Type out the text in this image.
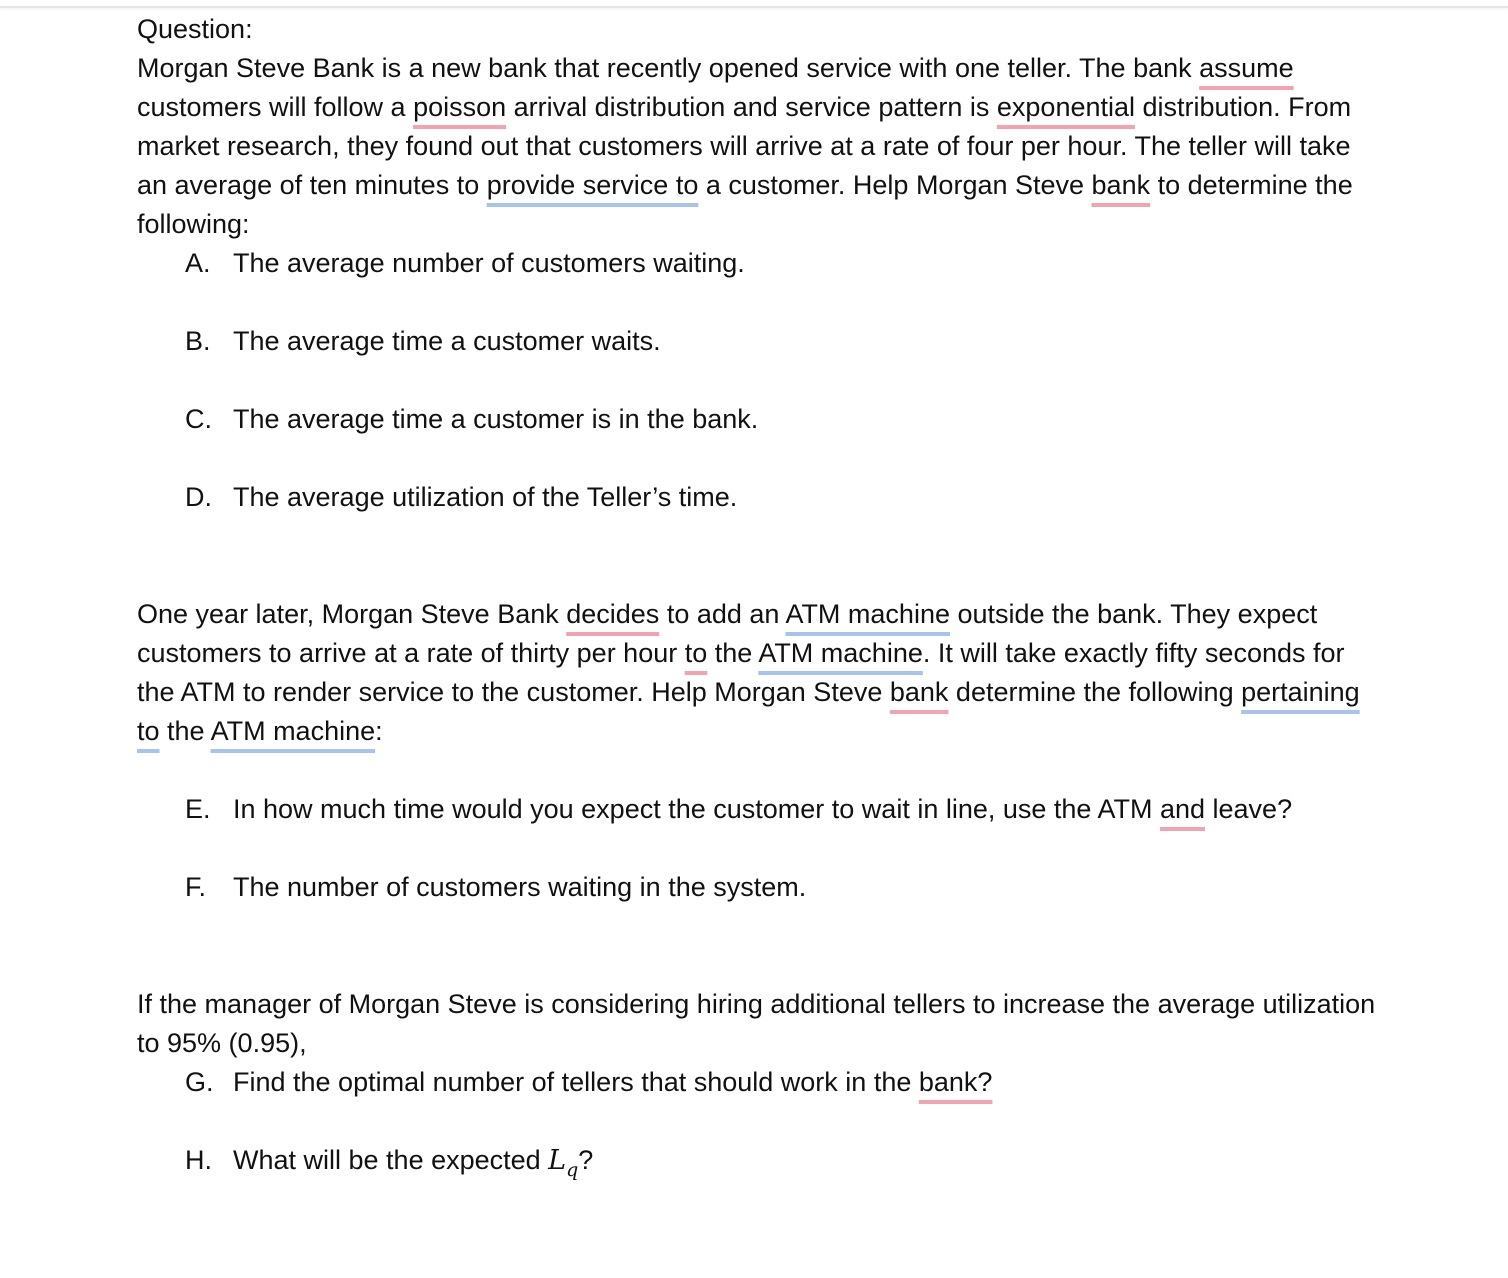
Question:

Morgan Steve Bank is a new bank that recently opened service with one teller. The bank assume customers will follow a poisson arrival distribution and service pattern is exponential distribution. From market research, they found out that customers will arrive at a rate of four per hour. The teller will take an average of ten minutes to provide service to a customer. Help Morgan Steve bank to determine the following:

A. The average number of customers waiting.
B. The average time a customer waits.
C. The average time a customer is in the bank.
D. The average utilization of the Teller’s time.

One year later, Morgan Steve Bank decides to add an ATM machine outside the bank. They expect customers to arrive at a rate of thirty per hour to the ATM machine. It will take exactly fifty seconds for the ATM to render service to the customer. Help Morgan Steve bank determine the following pertaining to the ATM machine:

E. In how much time would you expect the customer to wait in line, use the ATM and leave?
F. The number of customers waiting in the system.

If the manager of Morgan Steve is considering hiring additional tellers to increase the average utilization to 95% (0.95),

G. Find the optimal number of tellers that should work in the bank?
H. What will be the expected $L_q$?
